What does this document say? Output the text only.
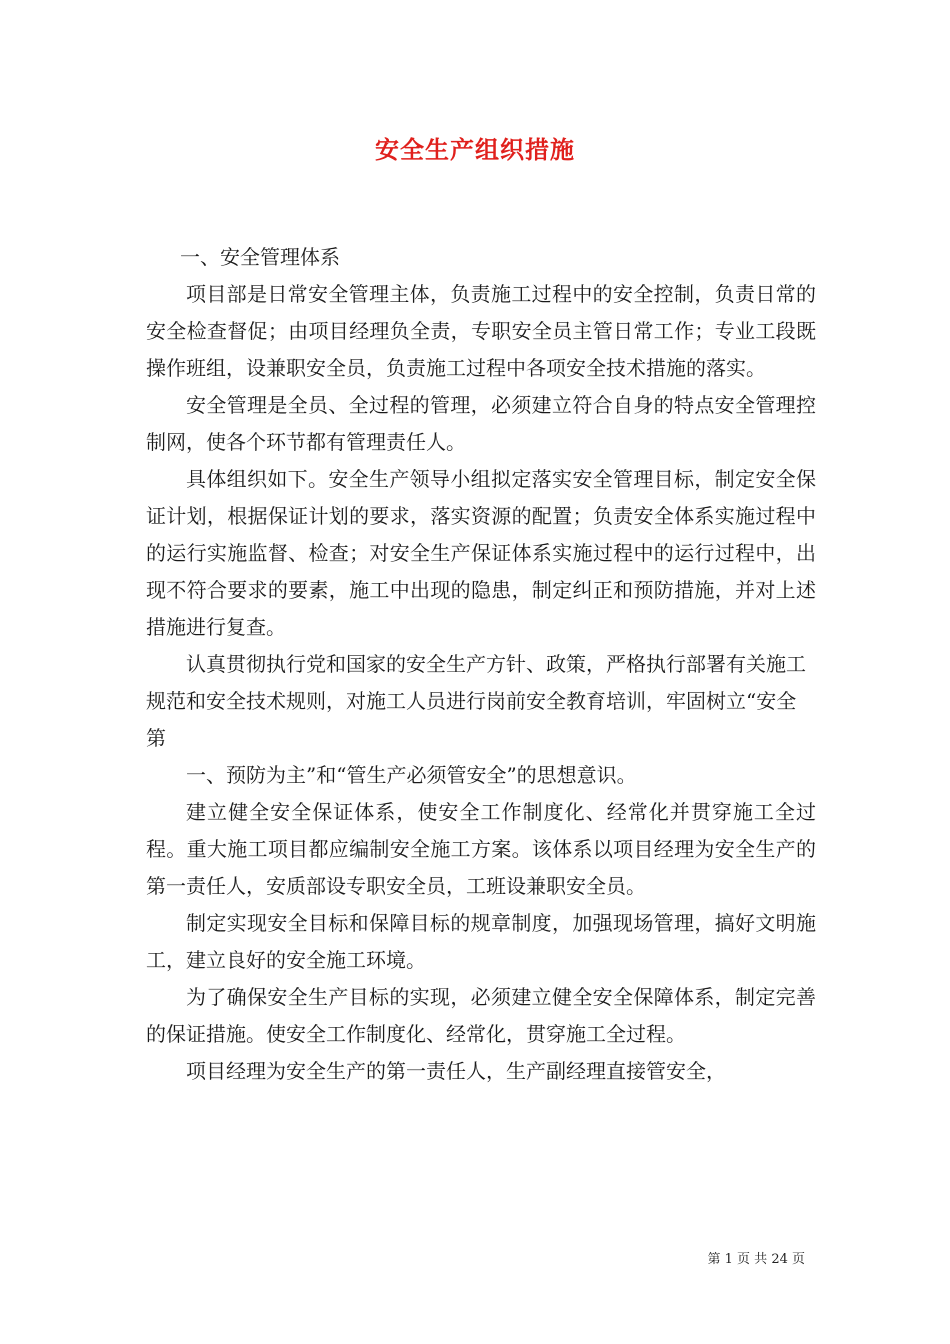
安全生产组织措施

一、安全管理体系

项目部是日常安全管理主体，负责施工过程中的安全控制，负责日常的安全检查督促；由项目经理负全责，专职安全员主管日常工作；专业工段既操作班组，设兼职安全员，负责施工过程中各项安全技术措施的落实。

安全管理是全员、全过程的管理，必须建立符合自身的特点安全管理控制网，使各个环节都有管理责任人。

具体组织如下。安全生产领导小组拟定落实安全管理目标，制定安全保证计划，根据保证计划的要求，落实资源的配置；负责安全体系实施过程中的运行实施监督、检查；对安全生产保证体系实施过程中的运行过程中，出现不符合要求的要素，施工中出现的隐患，制定纠正和预防措施，并对上述措施进行复查。

认真贯彻执行党和国家的安全生产方针、政策，严格执行部署有关施工规范和安全技术规则，对施工人员进行岗前安全教育培训，牢固树立“安全第

一、预防为主”和“管生产必须管安全”的思想意识。

建立健全安全保证体系，使安全工作制度化、经常化并贯穿施工全过程。重大施工项目都应编制安全施工方案。该体系以项目经理为安全生产的第一责任人，安质部设专职安全员，工班设兼职安全员。

制定实现安全目标和保障目标的规章制度，加强现场管理，搞好文明施工，建立良好的安全施工环境。

为了确保安全生产目标的实现，必须建立健全安全保障体系，制定完善的保证措施。使安全工作制度化、经常化，贯穿施工全过程。

项目经理为安全生产的第一责任人，生产副经理直接管安全，

第 1 页 共 24 页
